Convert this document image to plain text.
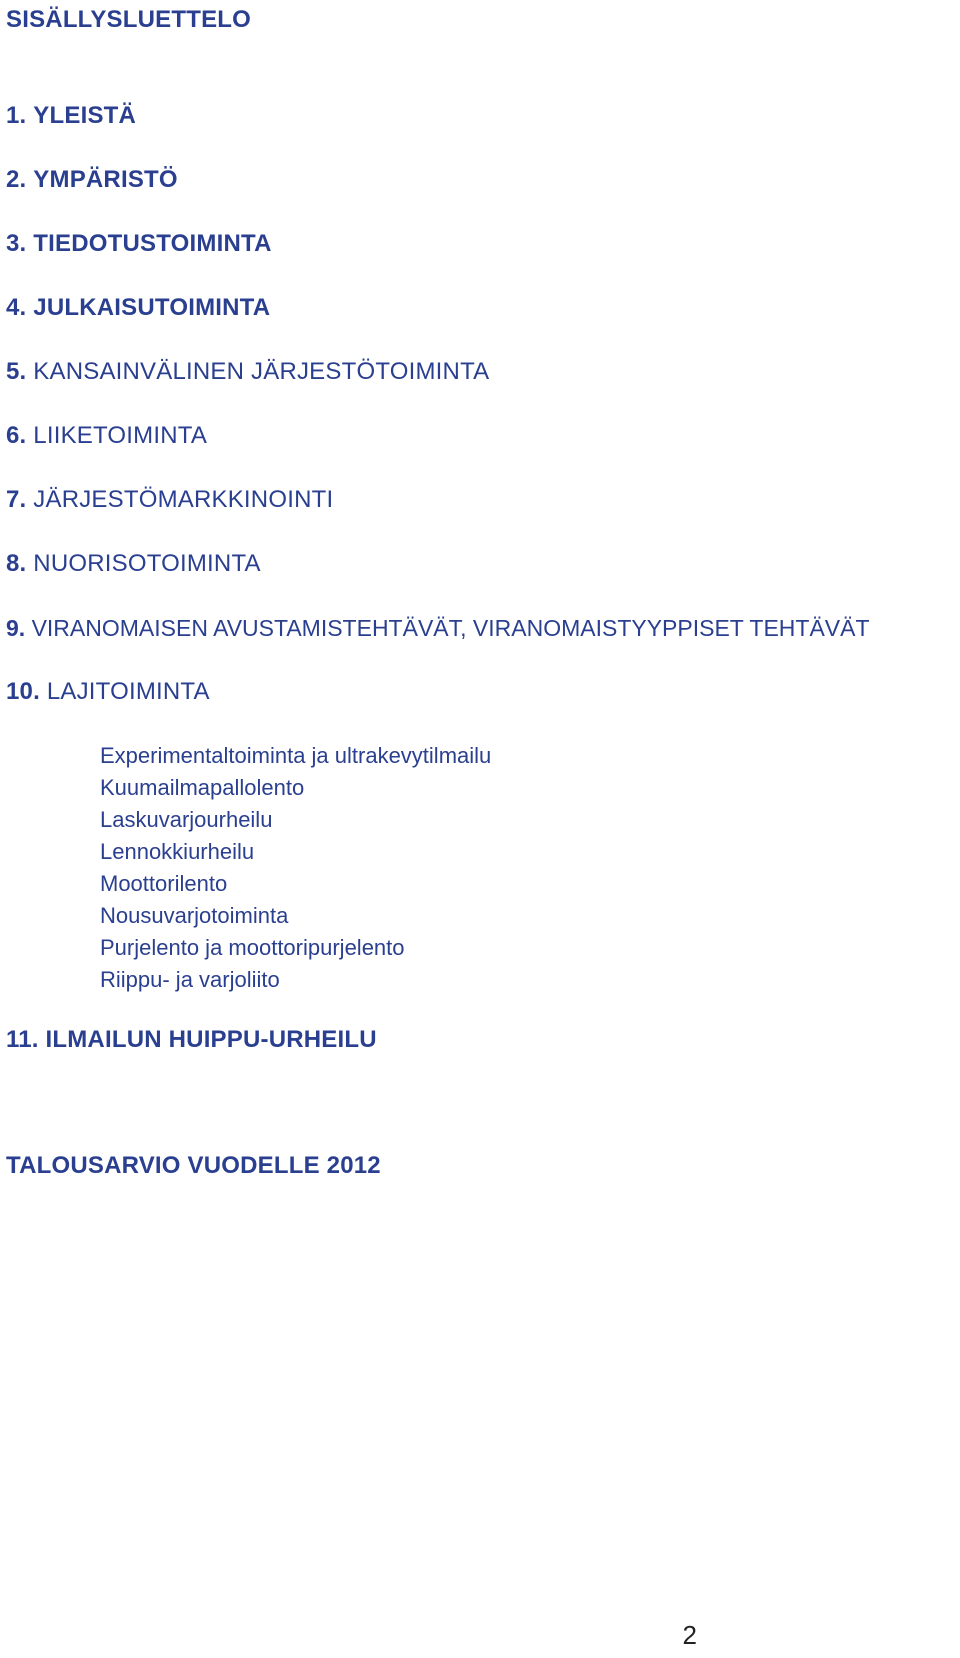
SISÄLLYSLUETTELO
1. YLEISTÄ
2. YMPÄRISTÖ
3. TIEDOTUSTOIMINTA
4. JULKAISUTOIMINTA
5. KANSAINVÄLINEN JÄRJESTÖTOIMINTA
6. LIIKETOIMINTA
7. JÄRJESTÖMARKKINOINTI
8. NUORISOTOIMINTA
9. VIRANOMAISEN AVUSTAMISTEHTÄVÄT, VIRANOMAISTYYPPISET TEHTÄVÄT
10. LAJITOIMINTA
Experimentaltoiminta ja ultrakevytilmailu
Kuumailmapallolento
Laskuvarjourheilu
Lennokkiurheilu
Moottorilento
Nousuvarjotoiminta
Purjelento ja moottoripurjelento
Riippu- ja varjoliito
11. ILMAILUN HUIPPU-URHEILU
TALOUSARVIO VUODELLE 2012
2
